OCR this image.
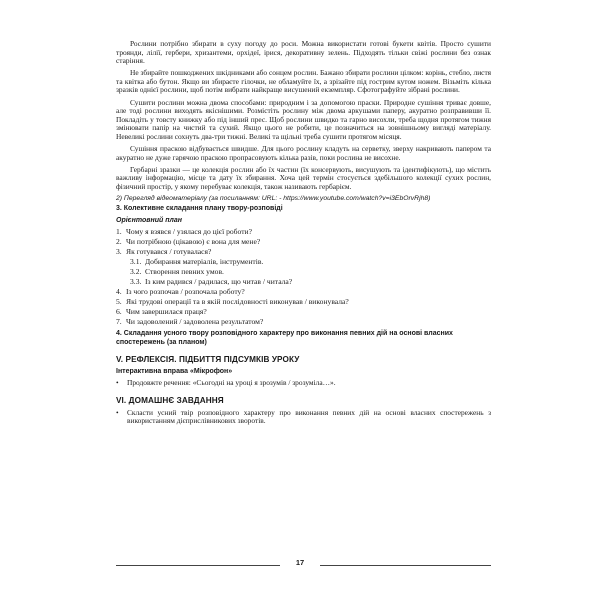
Рослини потрібно збирати в суху погоду до роси. Можна використати готові букети квітів. Просто сушити троянди, лілії, гербери, хризантеми, орхідеї, ірися, декоративну зелень. Підходять тільки свіжі рослини без ознак старіння.

Не збирайте пошкоджених шкідниками або сонцем рослин. Бажано збирати рослини цілком: корінь, стебло, листя та квітка або бутон. Якщо ви збираєте гілочки, не обламуйте їх, а зрізайте під гострим кутом ножем. Візьміть кілька зразків однієї рослини, щоб потім вибрати найкраще висушений екземпляр. Сфотографуйте зібрані рослини.

Сушити рослини можна двома способами: природним і за допомогою праски. Природне сушіння триває довше, але тоді рослини виходять якіснішими. Розмістіть рослину між двома аркушами паперу, акуратно розправивши її. Покладіть у товсту книжку або під інший прес. Щоб рослини швидко та гарно висохли, треба щодня протягом тижня змінювати папір на чистий та сухий. Якщо цього не робити, це позначиться на зовнішньому вигляді матеріалу. Невеликі рослини сохнуть два-три тижні. Великі та щільні треба сушити протягом місяця.

Сушіння праскою відбувається швидше. Для цього рослину кладуть на серветку, зверху накривають папером та акуратно не дуже гарячою праскою пропрасовують кілька разів, поки рослина не висохне.

Гербарні зразки — це колекція рослин або їх частин (їх консервують, висушують та ідентифікують), що містить важливу інформацію, місце та дату їх збирання. Хоча цей термін стосується здебільшого колекції сухих рослин, фізичний простір, у якому перебуває колекція, також називають гербарієм.

2) Перегляд відеоматеріалу (за посиланням: URL: - https://www.youtube.com/watch?v=i3EbOrvRjh8)

3. Колективне складання плану твору-розповіді

Орієнтовний план

1. Чому я взявся / узялася до цієї роботи?
2. Чи потрібною (цікавою) є вона для мене?
3. Як готувався / готувалася?
3.1. Добирання матеріалів, інструментів.
3.2. Створення певних умов.
3.3. Із ким радився / радилася, що читав / читала?
4. Із чого розпочав / розпочала роботу?
5. Які трудові операції та в якій послідовності виконував / виконувала?
6. Чим завершилася праця?
7. Чи задоволений / задоволена результатом?

4. Складання усного твору розповідного характеру про виконання певних дій на основі власних спостережень (за планом)

V. РЕФЛЕКСІЯ. ПІДБИТТЯ ПІДСУМКІВ УРОКУ

Інтерактивна вправа «Мікрофон»

•	Продовжте речення: «Сьогодні на уроці я зрозумів / зрозуміла…».
VI. ДОМАШНЄ ЗАВДАННЯ
•	Скласти усний твір розповідного характеру про виконання певних дій на основі власних спостережень з використанням дієприслівникових зворотів.
17
